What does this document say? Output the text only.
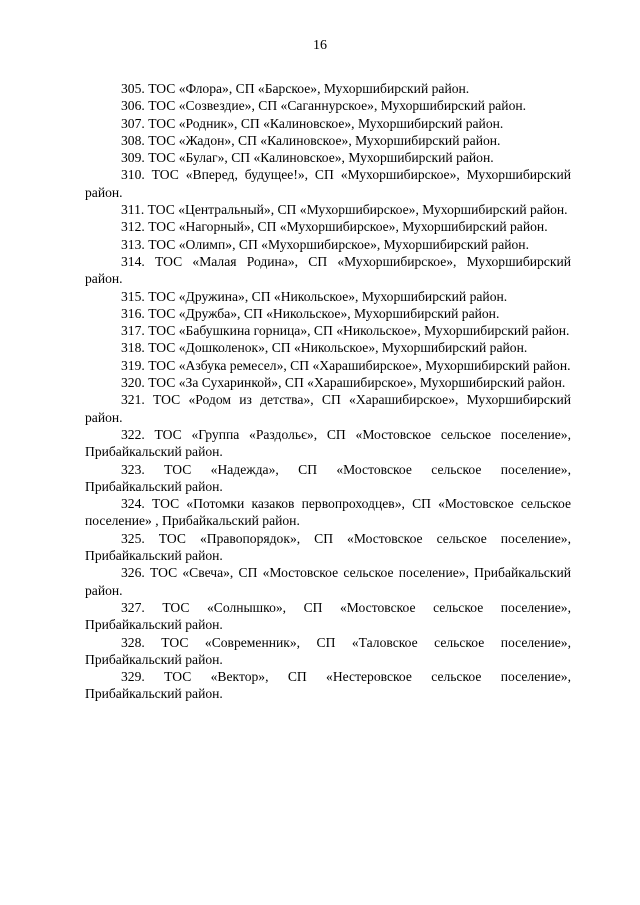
16

305. ТОС «Флора», СП «Барское», Мухоршибирский район.

306. ТОС «Созвездие», СП «Саганнурское», Мухоршибирский район.

307. ТОС «Родник», СП «Калиновское», Мухоршибирский район.

308. ТОС «Жадон», СП «Калиновское», Мухоршибирский район.

309. ТОС «Булаг», СП «Калиновское», Мухоршибирский район.

310. ТОС «Вперед, будущее!», СП «Мухоршибирское», Мухоршибирский район.

311. ТОС «Центральный», СП «Мухоршибирское», Мухоршибирский район.

312. ТОС «Нагорный», СП «Мухоршибирское», Мухоршибирский район.

313. ТОС «Олимп», СП «Мухоршибирское», Мухоршибирский район.

314. ТОС «Малая Родина», СП «Мухоршибирское», Мухоршибирский район.

315. ТОС «Дружина», СП «Никольское», Мухоршибирский район.

316. ТОС «Дружба», СП «Никольское», Мухоршибирский район.

317. ТОС «Бабушкина горница», СП «Никольское», Мухоршибирский район.

318. ТОС «Дошколенок», СП «Никольское», Мухоршибирский район.

319. ТОС «Азбука ремесел», СП «Харашибирское», Мухоршибирский район.

320. ТОС «За Сухаринкой», СП «Харашибирское», Мухоршибирский район.

321. ТОС «Родом из детства», СП «Харашибирское», Мухоршибирский район.

322. ТОС «Группа «Раздольє», СП «Мостовское сельское поселение», Прибайкальский район.

323. ТОС «Надежда», СП «Мостовское сельское поселение», Прибайкальский район.

324. ТОС «Потомки казаков первопроходцев», СП «Мостовское сельское поселение» , Прибайкальский район.

325. ТОС «Правопорядок», СП «Мостовское сельское поселение», Прибайкальский район.

326. ТОС «Свеча», СП «Мостовское сельское поселение», Прибайкальский район.

327. ТОС «Солнышко», СП «Мостовское сельское поселение», Прибайкальский район.

328. ТОС «Современник», СП «Таловское сельское поселение», Прибайкальский район.

329. ТОС «Вектор», СП «Нестеровское сельское поселение», Прибайкальский район.
